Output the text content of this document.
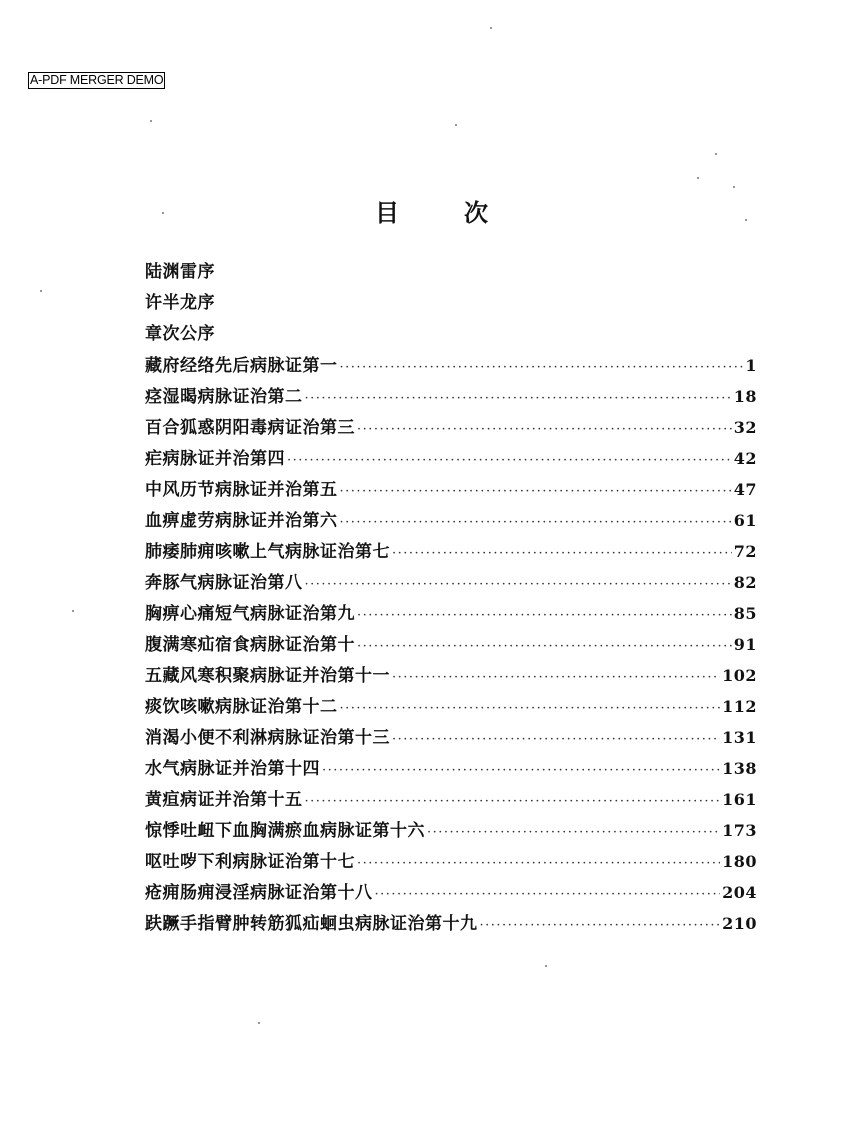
A-PDF MERGER DEMO
目	次
陆渊雷序
许半龙序
章次公序
藏府经络先后病脉证第一 ·····	1
痉湿暍病脉证治第二 ·····	18
百合狐惑阴阳毒病证治第三 ·····	32
疟病脉证并治第四 ·····	42
中风历节病脉证并治第五 ·····	47
血痹虚劳病脉证并治第六 ·····	61
肺痿肺痈咳嗽上气病脉证治第七 ·····	72
奔豚气病脉证治第八 ·····	82
胸痹心痛短气病脉证治第九 ·····	85
腹满寒疝宿食病脉证治第十 ·····	91
五藏风寒积聚病脉证并治第十一 ·····	102
痰饮咳嗽病脉证治第十二 ·····	112
消渴小便不利淋病脉证治第十三 ·····	131
水气病脉证并治第十四 ·····	138
黄疸病证并治第十五 ·····	161
惊悸吐衄下血胸满瘀血病脉证第十六 ·····	173
呕吐哕下利病脉证治第十七 ·····	180
疮痈肠痈浸淫病脉证治第十八 ·····	204
趺蹶手指臂肿转筋狐疝蛔虫病脉证治第十九 ·····	210
